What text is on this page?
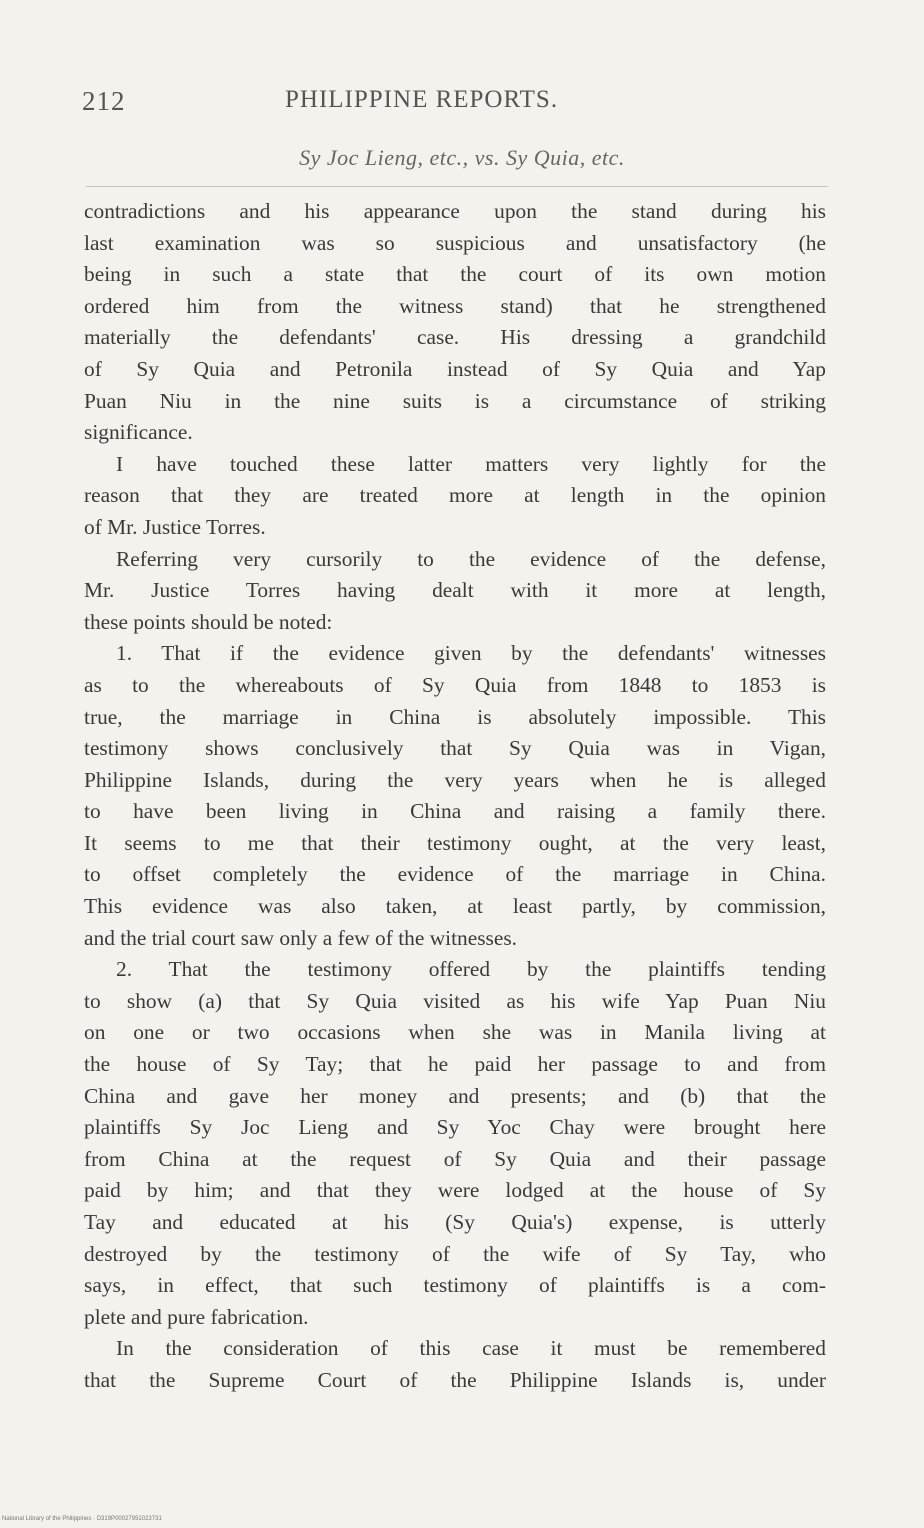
212	PHILIPPINE REPORTS.
Sy Joc Lieng, etc., vs. Sy Quia, etc.
contradictions and his appearance upon the stand during his
last examination was so suspicious and unsatisfactory (he
being in such a state that the court of its own motion
ordered him from the witness stand) that he strengthened
materially the defendants' case. His dressing a grandchild
of Sy Quia and Petronila instead of Sy Quia and Yap
Puan Niu in the nine suits is a circumstance of striking
significance.
I have touched these latter matters very lightly for the
reason that they are treated more at length in the opinion
of Mr. Justice Torres.
Referring very cursorily to the evidence of the defense,
Mr. Justice Torres having dealt with it more at length,
these points should be noted:
1. That if the evidence given by the defendants' witnesses
as to the whereabouts of Sy Quia from 1848 to 1853 is
true, the marriage in China is absolutely impossible. This
testimony shows conclusively that Sy Quia was in Vigan,
Philippine Islands, during the very years when he is alleged
to have been living in China and raising a family there.
It seems to me that their testimony ought, at the very least,
to offset completely the evidence of the marriage in China.
This evidence was also taken, at least partly, by commission,
and the trial court saw only a few of the witnesses.
2. That the testimony offered by the plaintiffs tending
to show (a) that Sy Quia visited as his wife Yap Puan Niu
on one or two occasions when she was in Manila living at
the house of Sy Tay; that he paid her passage to and from
China and gave her money and presents; and (b) that the
plaintiffs Sy Joc Lieng and Sy Yoc Chay were brought here
from China at the request of Sy Quia and their passage
paid by him; and that they were lodged at the house of Sy
Tay and educated at his (Sy Quia's) expense, is utterly
destroyed by the testimony of the wife of Sy Tay, who
says, in effect, that such testimony of plaintiffs is a com-
plete and pure fabrication.
In the consideration of this case it must be remembered
that the Supreme Court of the Philippine Islands is, under
National Library of the Philippines · D319P00027951023731
